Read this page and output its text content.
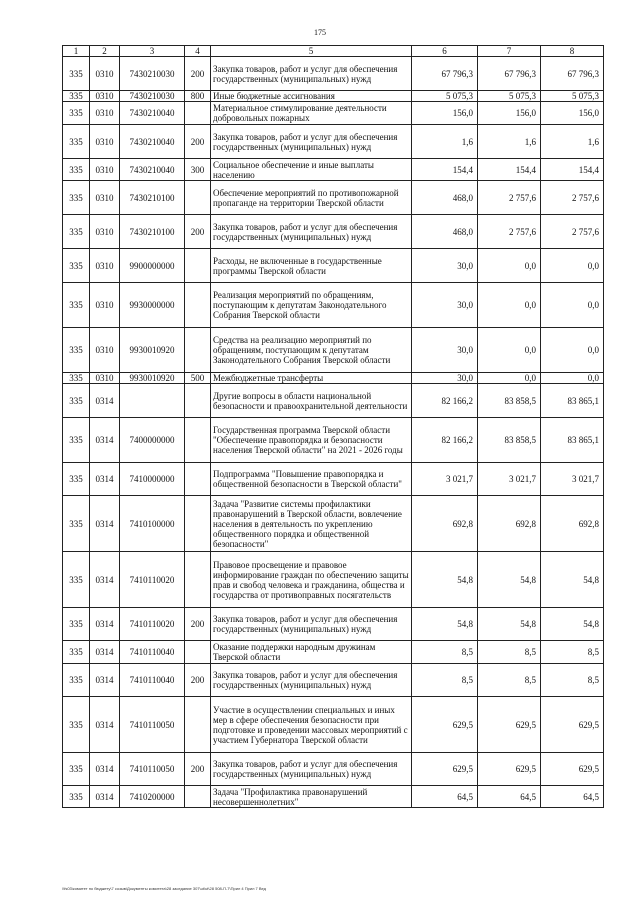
175
1	2	3	4	5	6	7	8
335	0310	7430210030	200	Закупка товаров, работ и услуг для обеспечения государственных (муниципальных) нужд	67 796,3	67 796,3	67 796,3
335	0310	7430210030	800	Иные бюджетные ассигнования	5 075,3	5 075,3	5 075,3
335	0310	7430210040		Материальное стимулирование деятельности добровольных пожарных	156,0	156,0	156,0
335	0310	7430210040	200	Закупка товаров, работ и услуг для обеспечения государственных (муниципальных) нужд	1,6	1,6	1,6
335	0310	7430210040	300	Социальное обеспечение и иные выплаты населению	154,4	154,4	154,4
335	0310	7430210100		Обеспечение мероприятий по противопожарной пропаганде на территории Тверской области	468,0	2 757,6	2 757,6
335	0310	7430210100	200	Закупка товаров, работ и услуг для обеспечения государственных (муниципальных) нужд	468,0	2 757,6	2 757,6
335	0310	9900000000		Расходы, не включенные в государственные программы Тверской области	30,0	0,0	0,0
335	0310	9930000000		Реализация мероприятий по обращениям, поступающим к депутатам Законодательного Собрания Тверской области	30,0	0,0	0,0
335	0310	9930010920		Средства на реализацию мероприятий по обращениям, поступающим к депутатам Законодательного Собрания Тверской области	30,0	0,0	0,0
335	0310	9930010920	500	Межбюджетные трансферты	30,0	0,0	0,0
335	0314			Другие вопросы в области национальной безопасности и правоохранительной деятельности	82 166,2	83 858,5	83 865,1
335	0314	7400000000		Государственная программа Тверской области "Обеспечение правопорядка и безопасности населения Тверской области" на 2021 - 2026 годы	82 166,2	83 858,5	83 865,1
335	0314	7410000000		Подпрограмма "Повышение правопорядка и общественной безопасности в Тверской области"	3 021,7	3 021,7	3 021,7
335	0314	7410100000		Задача "Развитие системы профилактики правонарушений в Тверской области, вовлечение населения в деятельность по укреплению общественного порядка и общественной безопасности"	692,8	692,8	692,8
335	0314	7410110020		Правовое просвещение и правовое информирование граждан по обеспечению защиты прав и свобод человека и гражданина, общества и государства от противоправных посягательств	54,8	54,8	54,8
335	0314	7410110020	200	Закупка товаров, работ и услуг для обеспечения государственных (муниципальных) нужд	54,8	54,8	54,8
335	0314	7410110040		Оказание поддержки народным дружинам Тверской области	8,5	8,5	8,5
335	0314	7410110040	200	Закупка товаров, работ и услуг для обеспечения государственных (муниципальных) нужд	8,5	8,5	8,5
335	0314	7410110050		Участие в осуществлении специальных и иных мер в сфере обеспечения безопасности при подготовке и проведении массовых мероприятий с участием Губернатора Тверской области	629,5	629,5	629,5
335	0314	7410110050	200	Закупка товаров, работ и услуг для обеспечения государственных (муниципальных) нужд	629,5	629,5	629,5
335	0314	7410200000		Задача "Профилактика правонарушений несовершеннолетних"	64,5	64,5	64,5
\\fs03\комитет по бюджету\7 созыв\Документы комитета\28 заседание 307\ut\ut\28 508-П-7\Прил 4 Прил 7 Вед
